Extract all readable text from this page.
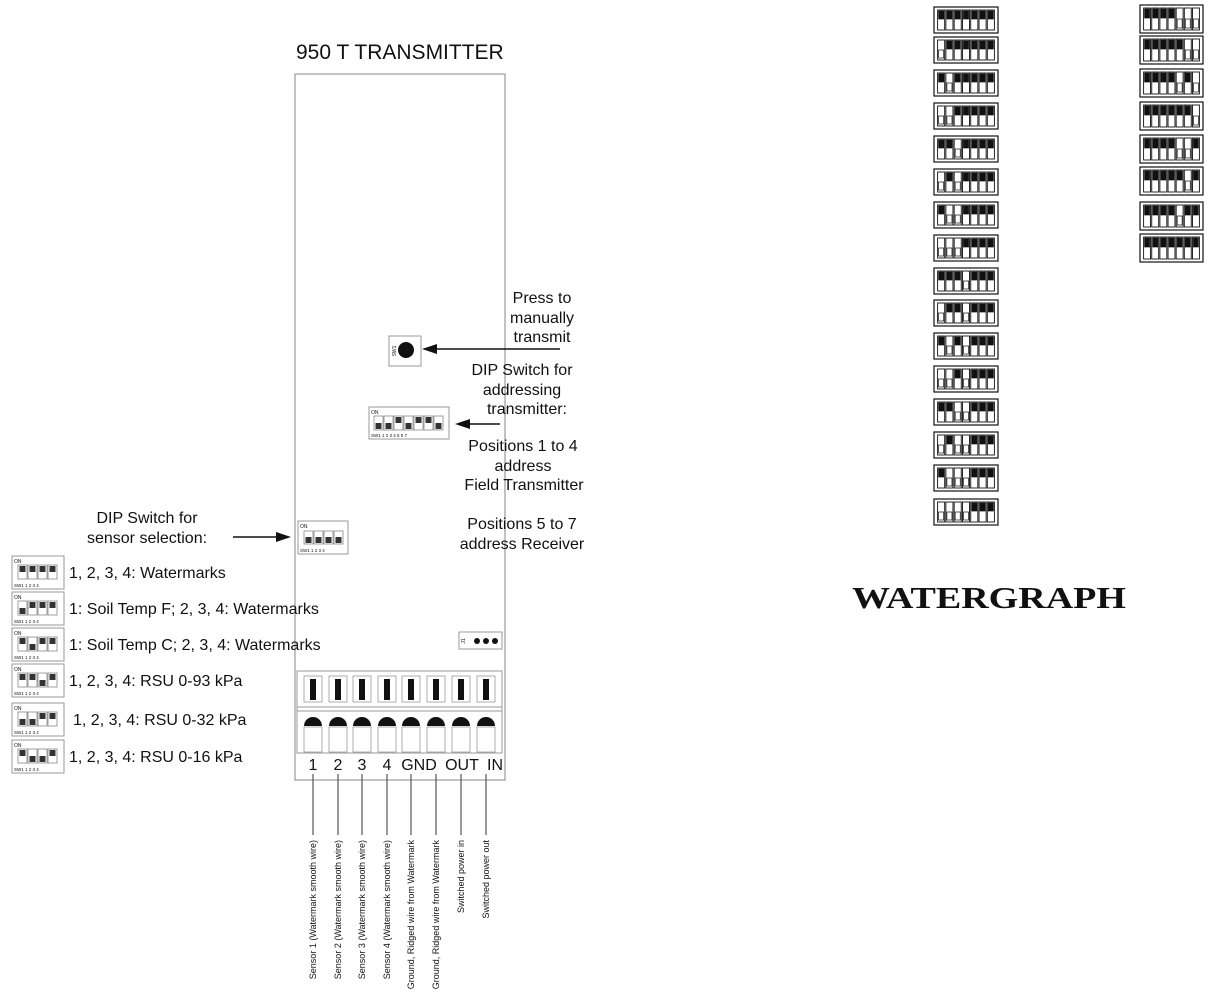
950 T TRANSMITTER
SW1
Press to
manually
transmit
ON
SW1 1 2 3 4 5 6 7
DIP Switch for
addressing
transmitter:
Positions 1 to 4
address
Field Transmitter
Positions 5 to 7
address Receiver
ON
SW1 1 2 3 4
DIP Switch for
sensor selection:
ON
SW1 1 2 3 4
1, 2, 3, 4: Watermarks
ON
SW1 1 2 3 4
1: Soil Temp F; 2, 3, 4: Watermarks
ON
SW1 1 2 3 4
1: Soil Temp C; 2, 3, 4: Watermarks
ON
SW1 1 2 3 4
1, 2, 3, 4: RSU 0-93 kPa
ON
SW1 1 2 3 4
1, 2, 3, 4: RSU 0-32 kPa
ON
SW1 1 2 3 4
1, 2, 3, 4: RSU 0-16 kPa
J1
1 2 3 4 GND OUT IN
Sensor 1 (Watermark smooth wire) Sensor 2 (Watermark smooth wire) Sensor 3 (Watermark smooth wire) Sensor 4 (Watermark smooth wire) Ground, Ridged wire from Watermark Ground, Ridged wire from Watermark Switched power in Switched power out
WATERGRAPH
